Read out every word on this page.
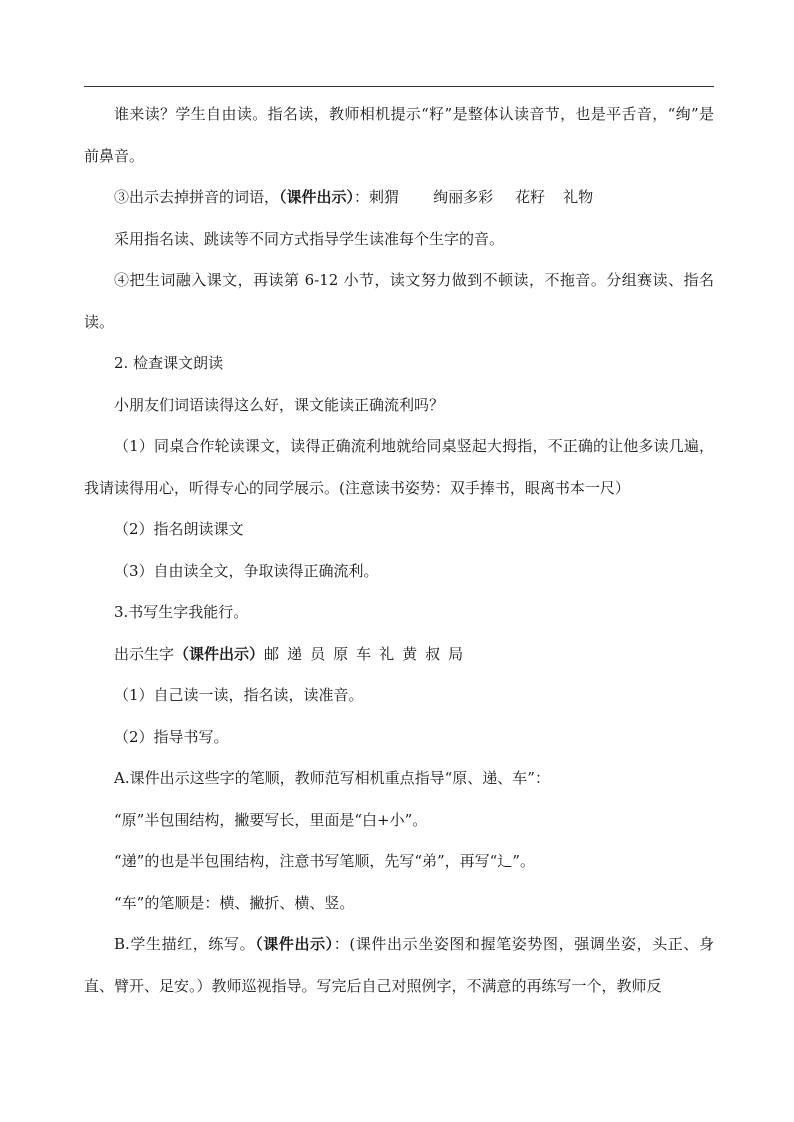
谁来读？学生自由读。指名读，教师相机提示“籽”是整体认读音节，也是平舌音，“绚”是前鼻音。

③出示去掉拼音的词语，（课件出示）：刺猬 绚丽多彩 花籽 礼物

采用指名读、跳读等不同方式指导学生读准每个生字的音。

④把生词融入课文，再读第 6-12 小节，读文努力做到不顿读，不拖音。分组赛读、指名读。

2. 检查课文朗读

小朋友们词语读得这么好，课文能读正确流利吗？

（1）同桌合作轮读课文，读得正确流利地就给同桌竖起大拇指，不正确的让他多读几遍，我请读得用心，听得专心的同学展示。(注意读书姿势：双手捧书，眼离书本一尺）

（2）指名朗读课文

（3）自由读全文，争取读得正确流利。

3.书写生字我能行。

出示生字（课件出示）邮 递 员 原 车 礼 黄 叔 局

（1）自己读一读，指名读，读准音。

（2）指导书写。

A.课件出示这些字的笔顺，教师范写相机重点指导“原、递、车”：

“原”半包围结构，撇要写长，里面是“白+小”。

“递”的也是半包围结构，注意书写笔顺，先写“弟”，再写“辶”。

“车”的笔顺是：横、撇折、横、竖。

B.学生描红，练写。（课件出示）：(课件出示坐姿图和握笔姿势图，强调坐姿，头正、身直、臂开、足安。）教师巡视指导。写完后自己对照例字，不满意的再练写一个，教师反
